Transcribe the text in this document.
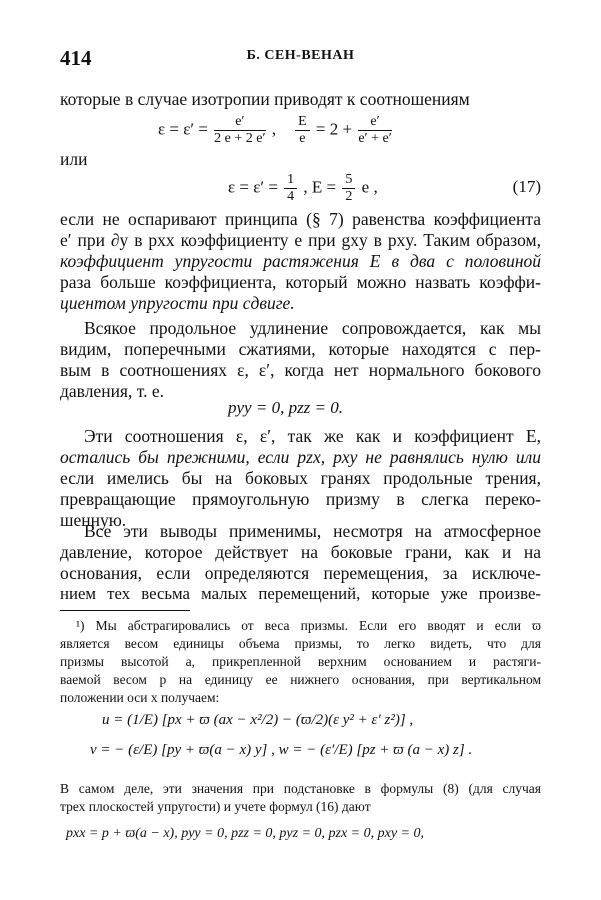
414	Б. СЕН-ВЕНАН
которые в случае изотропии приводят к соотношениям
$\varepsilon = \varepsilon' = \frac{e'}{2 e + 2 e'}$ , $\frac{E}{e} = 2 + \frac{e'}{e' + e'}$
или
$\varepsilon = \varepsilon' = \frac{1}{4}$ , $E = \frac{5}{2}$ e ,	(17)
если не оспаривают принципа (§ 7) равенства коэффициента
e′ при ∂y в pxx коэффициенту e при gxy в pxy. Таким образом,
коэффициент упругости растяжения E в два с половиной
раза больше коэффициента, который можно назвать коэффи-
циентом упругости при сдвиге.
Всякое продольное удлинение сопровождается, как мы
видим, поперечными сжатиями, которые находятся с пер-
вым в соотношениях ε, ε′, когда нет нормального бокового
давления, т. е.
pyy = 0, pzz = 0.
Эти соотношения ε, ε′, так же как и коэффициент E,
остались бы прежними, если pzx, pxy не равнялись нулю или
если имелись бы на боковых гранях продольные трения,
превращающие прямоугольную призму в слегка переко-
шенную.
Все эти выводы применимы, несмотря на атмосферное
давление, которое действует на боковые грани, как и на
основания, если определяются перемещения, за исключе-
нием тех весьма малых перемещений, которые уже произве-
¹) Мы абстрагировались от веса призмы. Если его вводят и если ϖ
является весом единицы объема призмы, то легко видеть, что для
призмы высотой a, прикрепленной верхним основанием и растяги-
ваемой весом p на единицу ее нижнего основания, при вертикальном
положении оси x получаем:
u = (1/E) [px + ϖ (ax − x²/2) − (ϖ/2)(ε y² + ε′ z²)] ,
v = − (ε/E) [py + ϖ(a − x) y] , w = − (ε′/E) [pz + ϖ (a − x) z] .
В самом деле, эти значения при подстановке в формулы (8) (для случая
трех плоскостей упругости) и учете формул (16) дают
pxx = p + ϖ(a − x), pyy = 0, pzz = 0, pyz = 0, pzx = 0, pxy = 0,
